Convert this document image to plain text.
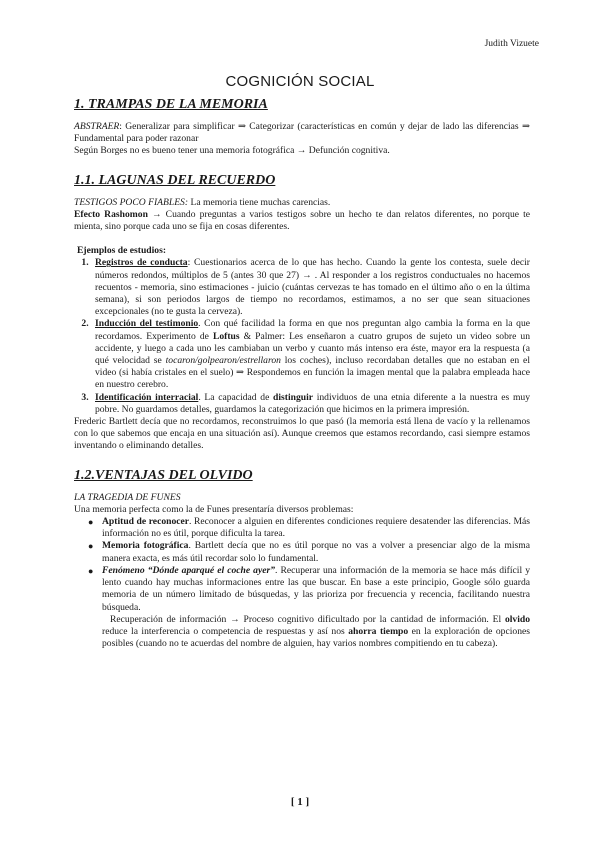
Judith Vizuete
COGNICIÓN SOCIAL
1. TRAMPAS DE LA MEMORIA

ABSTRAER: Generalizar para simplificar ⇒ Categorizar (características en común y dejar de lado las diferencias ⇒ Fundamental para poder razonar

Según Borges no es bueno tener una memoria fotográfica → Defunción cognitiva.

1.1. LAGUNAS DEL RECUERDO

TESTIGOS POCO FIABLES: La memoria tiene muchas carencias.

Efecto Rashomon → Cuando preguntas a varios testigos sobre un hecho te dan relatos diferentes, no porque te mienta, sino porque cada uno se fija en cosas diferentes.

Ejemplos de estudios:

1. Registros de conducta: Cuestionarios acerca de lo que has hecho. Cuando la gente los contesta, suele decir números redondos, múltiplos de 5 (antes 30 que 27) → . Al responder a los registros conductuales no hacemos recuentos - memoria, sino estimaciones - juicio (cuántas cervezas te has tomado en el último año o en la última semana), si son periodos largos de tiempo no recordamos, estimamos, a no ser que sean situaciones excepcionales (no te gusta la cerveza).
2. Inducción del testimonio. Con qué facilidad la forma en que nos preguntan algo cambia la forma en la que recordamos. Experimento de Loftus & Palmer: Les enseñaron a cuatro grupos de sujeto un video sobre un accidente, y luego a cada uno les cambiaban un verbo y cuanto más intenso era éste, mayor era la respuesta (a qué velocidad se tocaron/golpearon/estrellaron los coches), incluso recordaban detalles que no estaban en el video (si había cristales en el suelo) ⇒ Respondemos en función la imagen mental que la palabra empleada hace en nuestro cerebro.
3. Identificación interracial. La capacidad de distinguir individuos de una etnia diferente a la nuestra es muy pobre. No guardamos detalles, guardamos la categorización que hicimos en la primera impresión.

Frederic Bartlett decía que no recordamos, reconstruimos lo que pasó (la memoria está llena de vacío y la rellenamos con lo que sabemos que encaja en una situación así). Aunque creemos que estamos recordando, casi siempre estamos inventando o eliminando detalles.

1.2.VENTAJAS DEL OLVIDO

LA TRAGEDIA DE FUNES

Una memoria perfecta como la de Funes presentaría diversos problemas:

● Aptitud de reconocer. Reconocer a alguien en diferentes condiciones requiere desatender las diferencias. Más información no es útil, porque dificulta la tarea.
● Memoria fotográfica. Bartlett decía que no es útil porque no vas a volver a presenciar algo de la misma manera exacta, es más útil recordar solo lo fundamental.
● Fenómeno “Dónde aparqué el coche ayer”. Recuperar una información de la memoria se hace más difícil y lento cuando hay muchas informaciones entre las que buscar. En base a este principio, Google sólo guarda memoria de un número limitado de búsquedas, y las prioriza por frecuencia y recencia, facilitando nuestra búsqueda.

Recuperación de información → Proceso cognitivo dificultado por la cantidad de información. El olvido reduce la interferencia o competencia de respuestas y así nos ahorra tiempo en la exploración de opciones posibles (cuando no te acuerdas del nombre de alguien, hay varios nombres compitiendo en tu cabeza).

[ 1 ]
